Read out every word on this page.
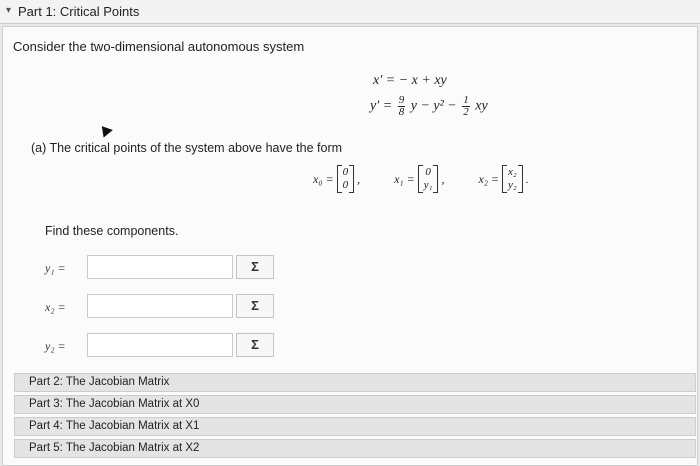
▾ Part 1: Critical Points
Consider the two-dimensional autonomous system
x′ = − x + xy
$y' = \frac{9}{8}$ $y - y^2 - \frac{1}{2}$ xy
(a) The critical points of the system above have the form
x₀ = 0
0 ,
	x₁ = 0
y₁ ,
	x₂ = x₂
y₂ .
Find these components.
y₁ =	Σ
x₂ =	Σ
y₂ =	Σ
Part 2: The Jacobian Matrix
Part 3: The Jacobian Matrix at X0
Part 4: The Jacobian Matrix at X1
Part 5: The Jacobian Matrix at X2
